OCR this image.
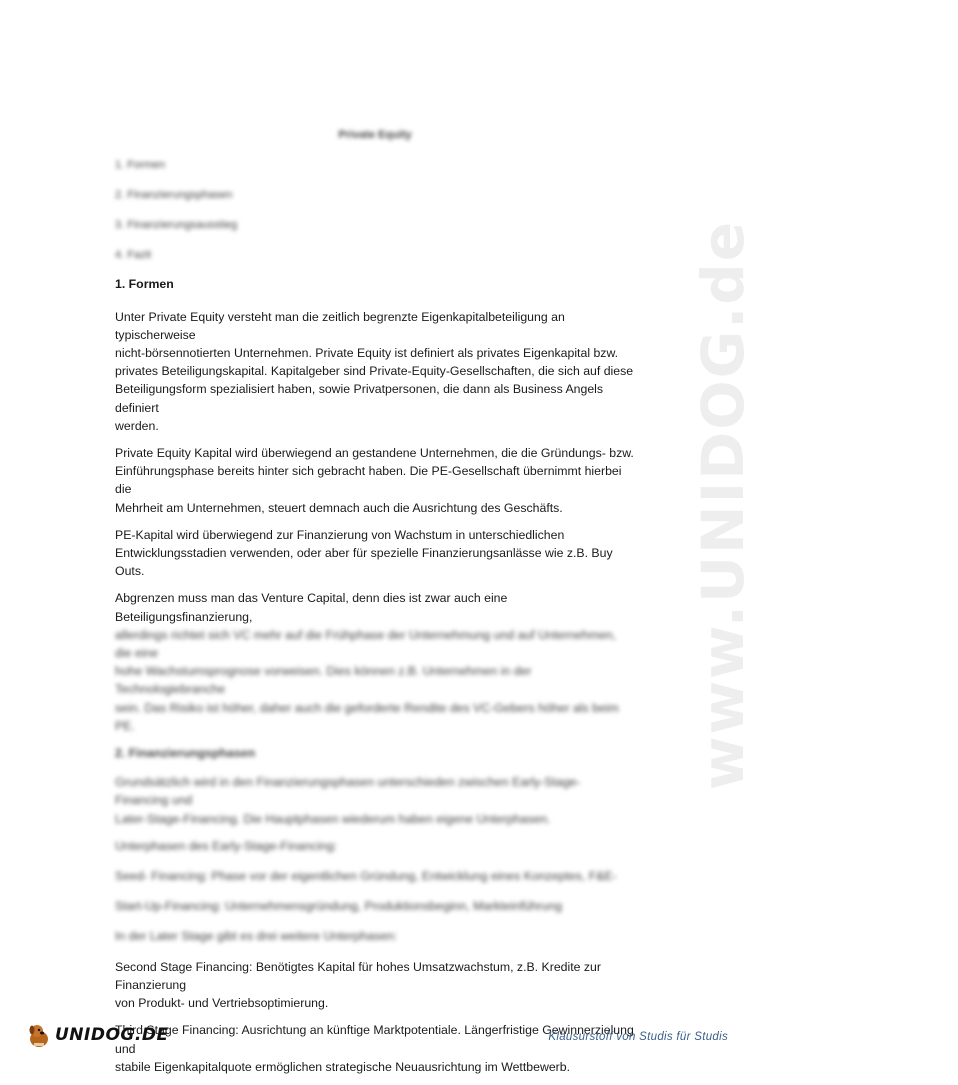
www.UNIDOG.de
Private Equity
1. Formen
2. Finanzierungsphasen
3. Finanzierungsausstieg
4. Fazit
1. Formen
Unter Private Equity versteht man die zeitlich begrenzte Eigenkapitalbeteiligung an typischerweise
nicht-börsennotierten Unternehmen. Private Equity ist definiert als privates Eigenkapital bzw.
privates Beteiligungskapital. Kapitalgeber sind Private-Equity-Gesellschaften, die sich auf diese
Beteiligungsform spezialisiert haben, sowie Privatpersonen, die dann als Business Angels definiert
werden.
Private Equity Kapital wird überwiegend an gestandene Unternehmen, die die Gründungs- bzw.
Einführungsphase bereits hinter sich gebracht haben. Die PE-Gesellschaft übernimmt hierbei die
Mehrheit am Unternehmen, steuert demnach auch die Ausrichtung des Geschäfts.
PE-Kapital wird überwiegend zur Finanzierung von Wachstum in unterschiedlichen
Entwicklungsstadien verwenden, oder aber für spezielle Finanzierungsanlässe wie z.B. Buy Outs.
Abgrenzen muss man das Venture Capital, denn dies ist zwar auch eine Beteiligungsfinanzierung,
allerdings richtet sich VC mehr auf die Frühphase der Unternehmung und auf Unternehmen, die eine
hohe Wachstumsprognose vorweisen. Dies können z.B. Unternehmen in der Technologiebranche
sein. Das Risiko ist höher, daher auch die geforderte Rendite des VC-Gebers höher als beim PE.
2. Finanzierungsphasen
Grundsätzlich wird in den Finanzierungsphasen unterschieden zwischen Early-Stage- Financing und
Later-Stage-Financing. Die Hauptphasen wiederum haben eigene Unterphasen.
Unterphasen des Early-Stage-Financing:
Seed- Financing: Phase vor der eigentlichen Gründung, Entwicklung eines Konzeptes, F&E-
Start-Up-Financing: Unternehmensgründung, Produktionsbeginn, Markteinführung
In der Later Stage gibt es drei weitere Unterphasen:
Second Stage Financing: Benötigtes Kapital für hohes Umsatzwachstum, z.B. Kredite zur Finanzierung
von Produkt- und Vertriebsoptimierung.
Third Stage Financing: Ausrichtung an künftige Marktpotentiale. Längerfristige Gewinnerzielung und
stabile Eigenkapitalquote ermöglichen strategische Neuausrichtung im Wettbewerb.
UNIDOG.DE	Klausurstoff von Studis für Studis
